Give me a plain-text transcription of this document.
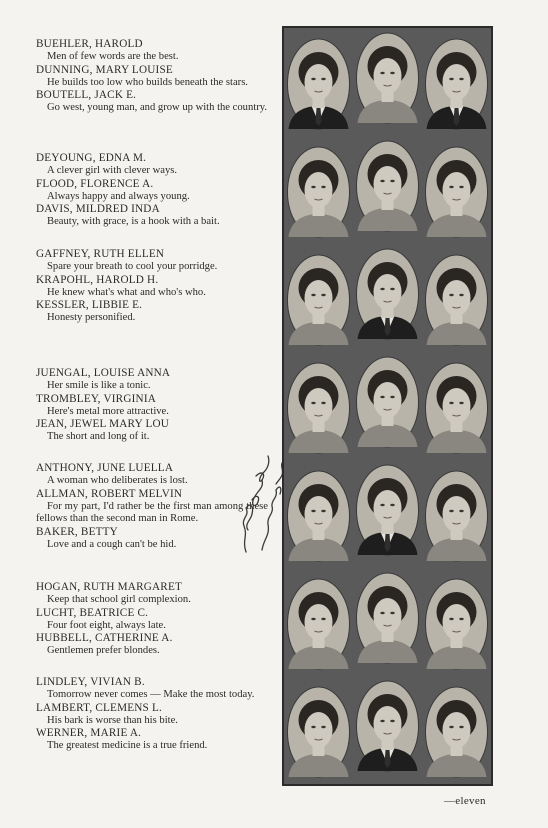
BUEHLER, HAROLD
Men of few words are the best.
DUNNING, MARY LOUISE
He builds too low who builds beneath the stars.
BOUTELL, JACK E.
Go west, young man, and grow up with the country.
DEYOUNG, EDNA M.
A clever girl with clever ways.
FLOOD, FLORENCE A.
Always happy and always young.
DAVIS, MILDRED INDA
Beauty, with grace, is a hook with a bait.
GAFFNEY, RUTH ELLEN
Spare your breath to cool your porridge.
KRAPOHL, HAROLD H.
He knew what's what and who's who.
KESSLER, LIBBIE E.
Honesty personified.
JUENGAL, LOUISE ANNA
Her smile is like a tonic.
TROMBLEY, VIRGINIA
Here's metal more attractive.
JEAN, JEWEL MARY LOU
The short and long of it.
ANTHONY, JUNE LUELLA
A woman who deliberates is lost.
ALLMAN, ROBERT MELVIN
For my part, I'd rather be the first man among these fellows than the second man in Rome.
BAKER, BETTY
Love and a cough can't be hid.
HOGAN, RUTH MARGARET
Keep that school girl complexion.
LUCHT, BEATRICE C.
Four foot eight, always late.
HUBBELL, CATHERINE A.
Gentlemen prefer blondes.
LINDLEY, VIVIAN B.
Tomorrow never comes — Make the most today.
LAMBERT, CLEMENS L.
His bark is worse than his bite.
WERNER, MARIE A.
The greatest medicine is a true friend.
—eleven
